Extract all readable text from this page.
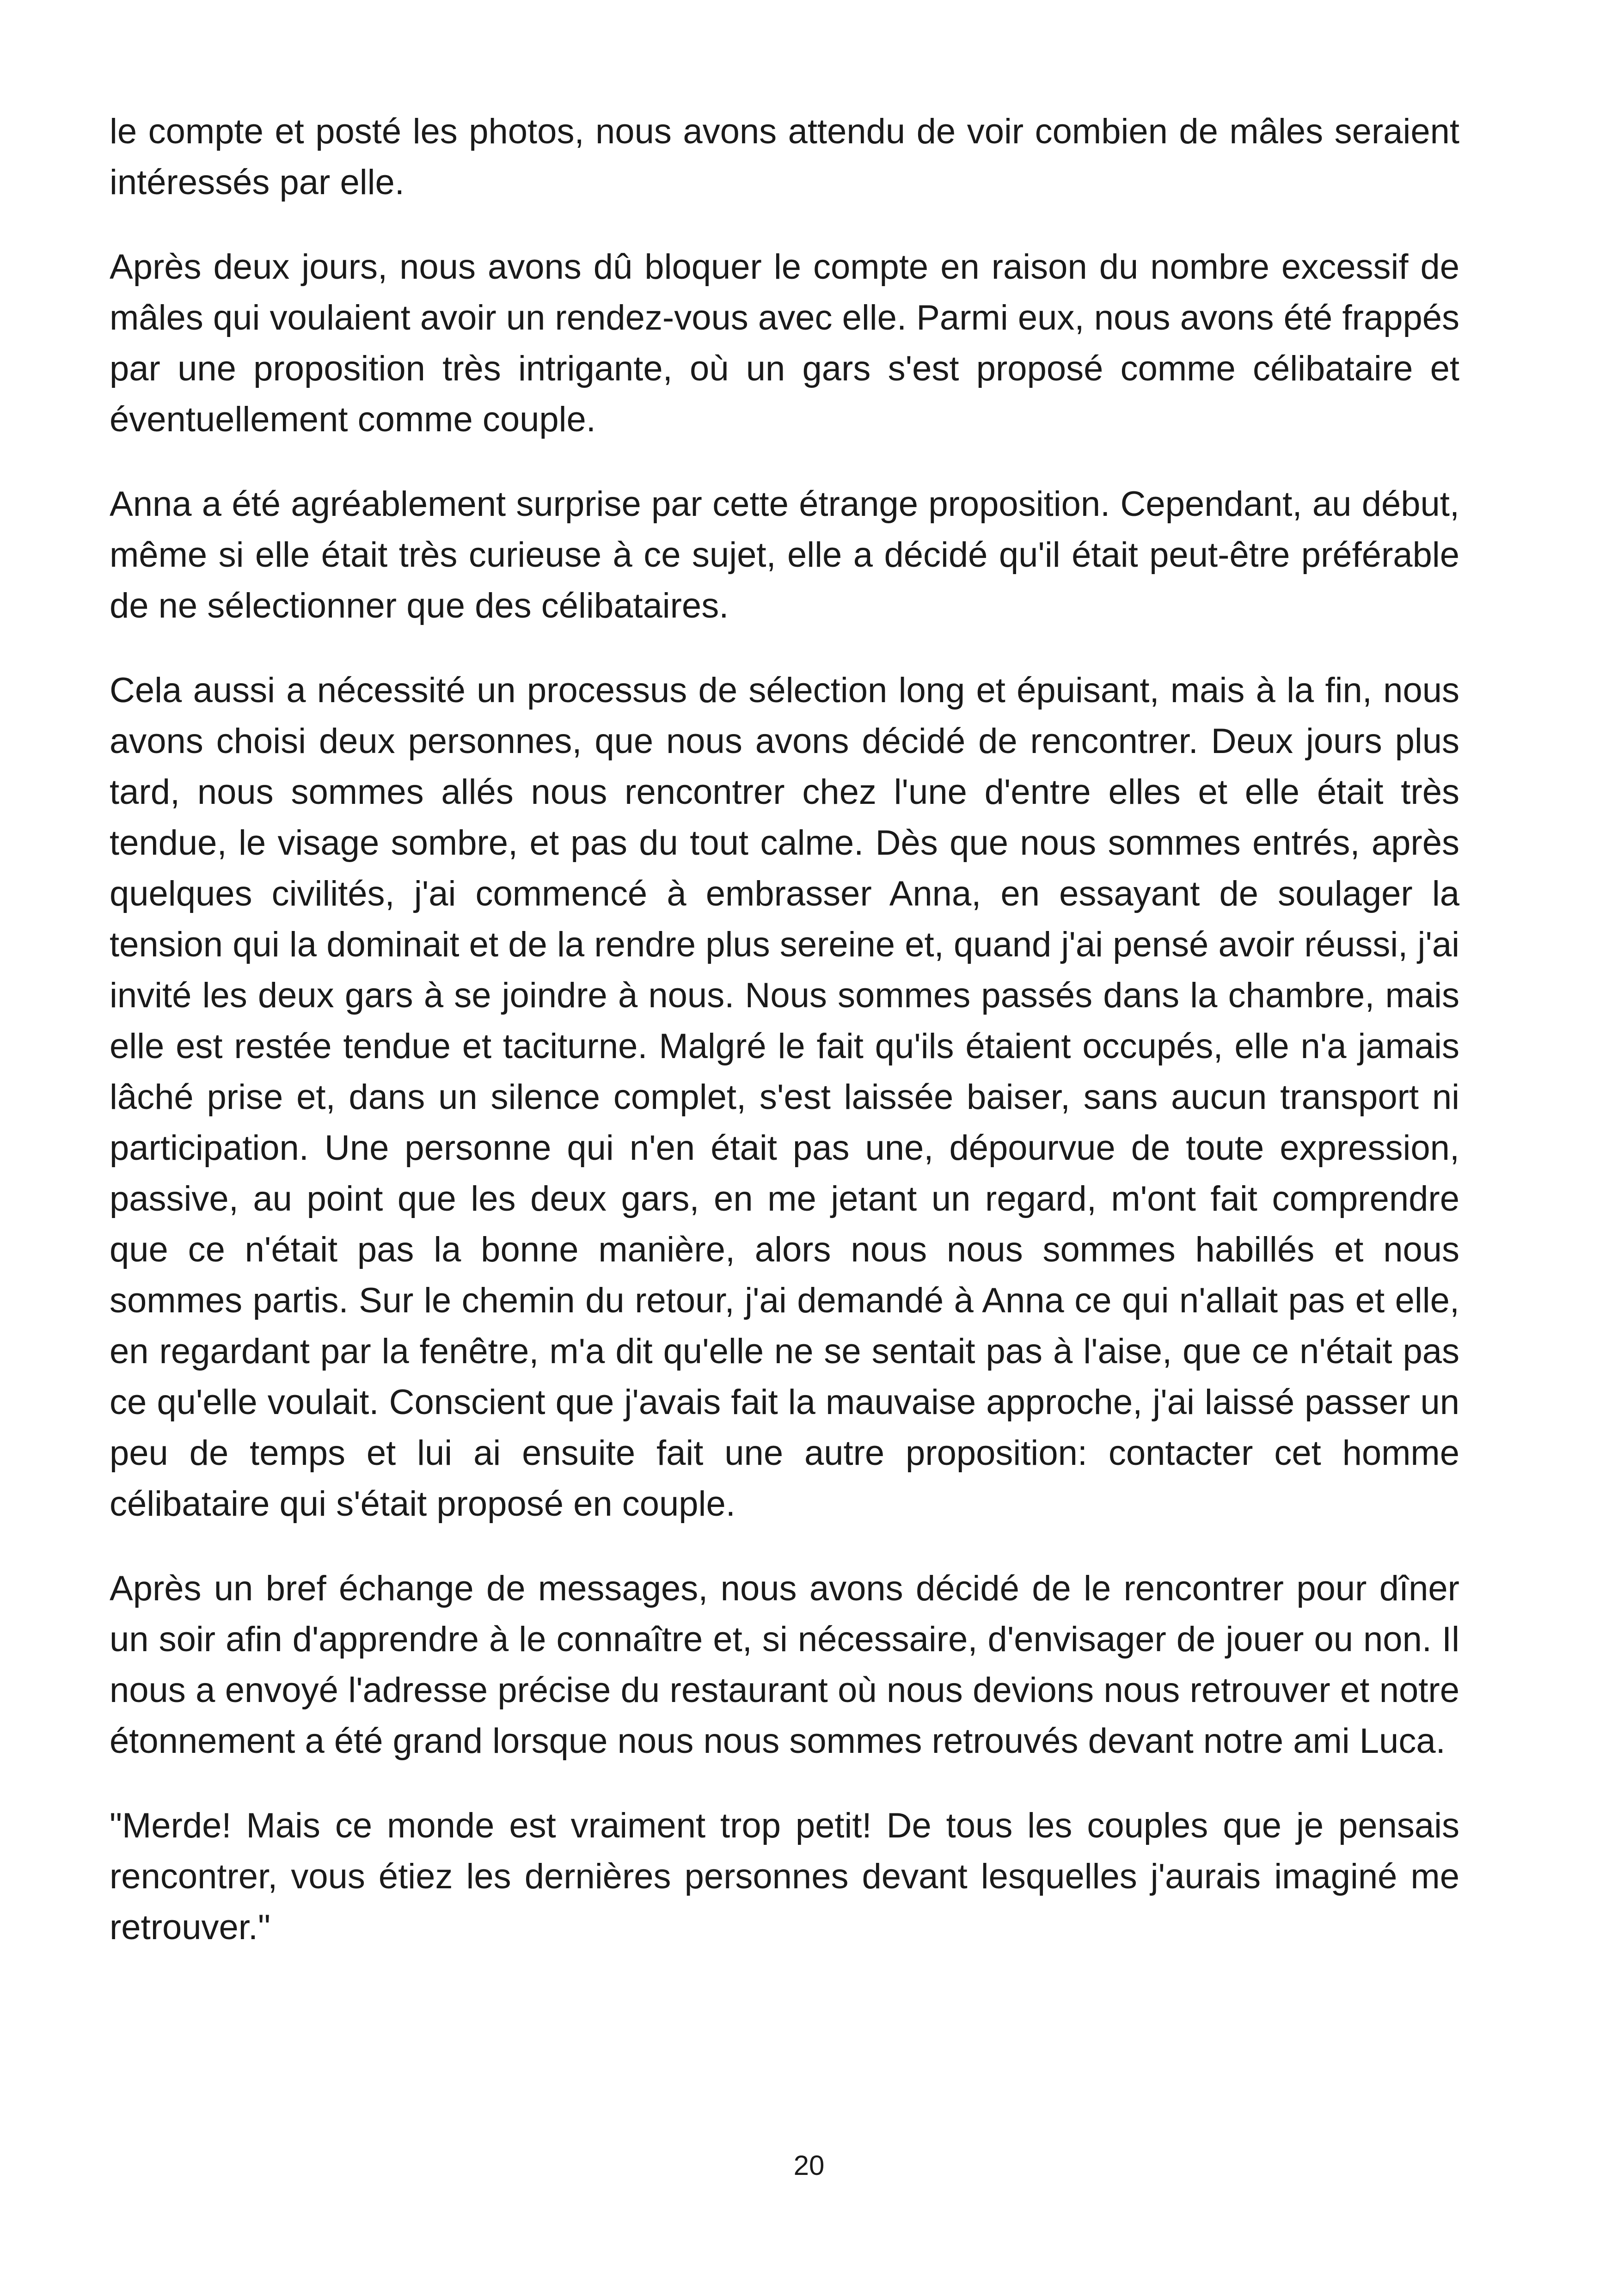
le compte et posté les photos, nous avons attendu de voir combien de mâles seraient intéressés par elle.

Après deux jours, nous avons dû bloquer le compte en raison du nombre excessif de mâles qui voulaient avoir un rendez-vous avec elle. Parmi eux, nous avons été frappés par une proposition très intrigante, où un gars s'est proposé comme célibataire et éventuellement comme couple.

Anna a été agréablement surprise par cette étrange proposition. Cependant, au début, même si elle était très curieuse à ce sujet, elle a décidé qu'il était peut-être préférable de ne sélectionner que des célibataires.

Cela aussi a nécessité un processus de sélection long et épuisant, mais à la fin, nous avons choisi deux personnes, que nous avons décidé de rencontrer. Deux jours plus tard, nous sommes allés nous rencontrer chez l'une d'entre elles et elle était très tendue, le visage sombre, et pas du tout calme. Dès que nous sommes entrés, après quelques civilités, j'ai commencé à embrasser Anna, en essayant de soulager la tension qui la dominait et de la rendre plus sereine et, quand j'ai pensé avoir réussi, j'ai invité les deux gars à se joindre à nous. Nous sommes passés dans la chambre, mais elle est restée tendue et taciturne. Malgré le fait qu'ils étaient occupés, elle n'a jamais lâché prise et, dans un silence complet, s'est laissée baiser, sans aucun transport ni participation. Une personne qui n'en était pas une, dépourvue de toute expression, passive, au point que les deux gars, en me jetant un regard, m'ont fait comprendre que ce n'était pas la bonne manière, alors nous nous sommes habillés et nous sommes partis. Sur le chemin du retour, j'ai demandé à Anna ce qui n'allait pas et elle, en regardant par la fenêtre, m'a dit qu'elle ne se sentait pas à l'aise, que ce n'était pas ce qu'elle voulait. Conscient que j'avais fait la mauvaise approche, j'ai laissé passer un peu de temps et lui ai ensuite fait une autre proposition: contacter cet homme célibataire qui s'était proposé en couple.

Après un bref échange de messages, nous avons décidé de le rencontrer pour dîner un soir afin d'apprendre à le connaître et, si nécessaire, d'envisager de jouer ou non. Il nous a envoyé l'adresse précise du restaurant où nous devions nous retrouver et notre étonnement a été grand lorsque nous nous sommes retrouvés devant notre ami Luca.

"Merde! Mais ce monde est vraiment trop petit! De tous les couples que je pensais rencontrer, vous étiez les dernières personnes devant lesquelles j'aurais imaginé me retrouver."

20
